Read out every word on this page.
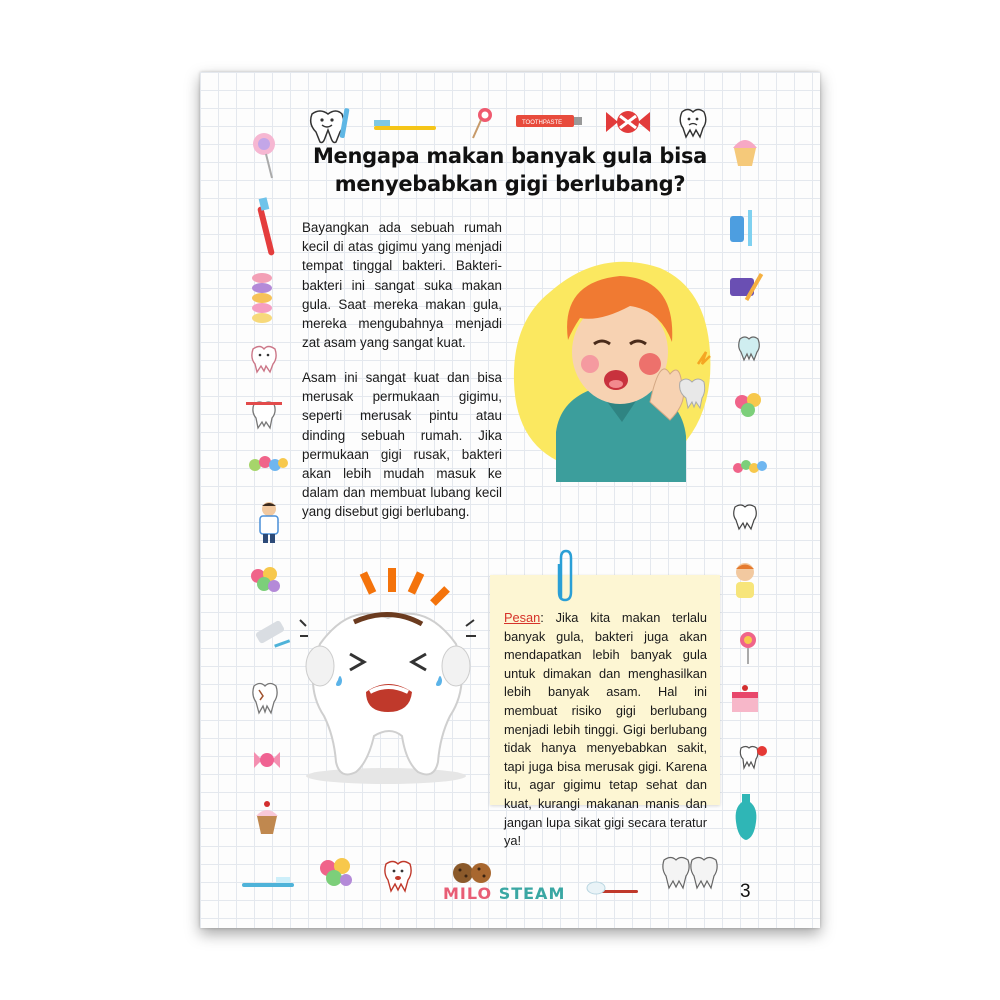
TOOTHPASTE
MILO STEAM	3
Mengapa makan banyak gula bisa menyebabkan gigi berlubang?
Bayangkan ada sebuah rumah kecil di atas gigimu yang menjadi tempat tinggal bakteri. Bakteri-bakteri ini sangat suka makan gula. Saat mereka makan gula, mereka mengubahnya menjadi zat asam yang sangat kuat.
Asam ini sangat kuat dan bisa merusak permukaan gigimu, seperti merusak pintu atau dinding sebuah rumah. Jika permukaan gigi rusak, bakteri akan lebih mudah masuk ke dalam dan membuat lubang kecil yang disebut gigi berlubang.
Pesan: Jika kita makan terlalu banyak gula, bakteri juga akan mendapatkan lebih banyak gula untuk dimakan dan menghasilkan lebih banyak asam. Hal ini membuat risiko gigi berlubang menjadi lebih tinggi. Gigi berlubang tidak hanya menyebabkan sakit, tapi juga bisa merusak gigi. Karena itu, agar gigimu tetap sehat dan kuat, kurangi makanan manis dan jangan lupa sikat gigi secara teratur ya!
